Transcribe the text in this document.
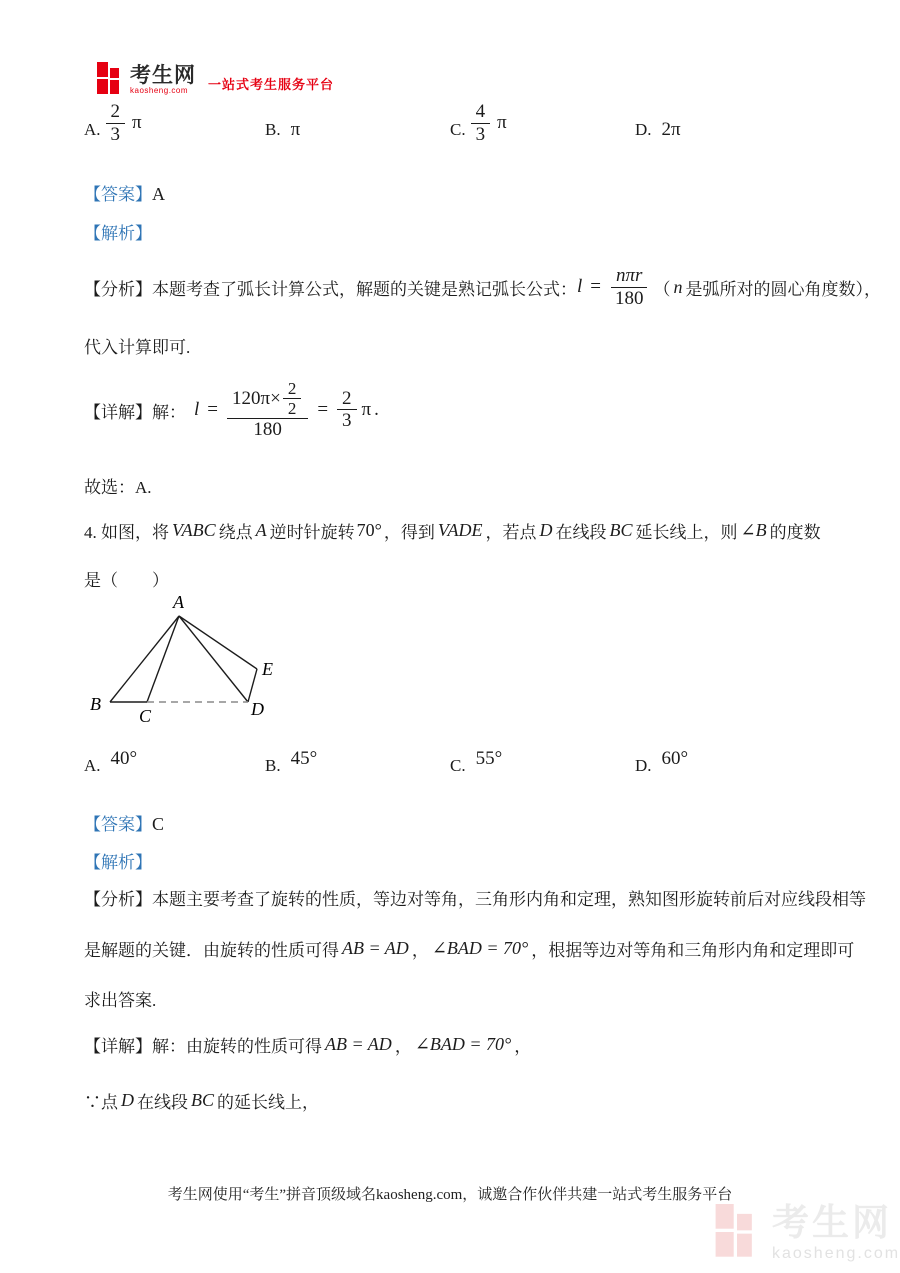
考生网
kaosheng.com	一站式考生服务平台
A. $\frac{2}{3}$ π	B. π	C. $\frac{4}{3}$ π	D. 2π
【答案】A
【解析】
【分析】 本题考查了弧长计算公式，解题的关键是熟记弧长公式： $l = \frac{\text{nπr}}{180}$ （ n 是弧所对的圆心角度数），
代入计算即可.
【详解】 解： $l = \frac{120\pi\times \frac{2}{2}}{180} = \frac{2}{3}$ π .
故选：A.
4. 如图，将 VABC 绕点 A 逆时针旋转 70° ，得到 VADE ，若点 D 在线段 BC 延长线上，则 ∠B 的度数
是（　　）
A
B
C	D
E
A. 40°	B. 45°	C. 55°	D. 60°
【答案】C
【解析】
【分析】本题主要考查了旋转的性质，等边对等角，三角形内角和定理，熟知图形旋转前后对应线段相等
是解题的关键．由旋转的性质可得 AB = AD ， ∠BAD = 70° ，根据等边对等角和三角形内角和定理即可
求出答案.
【详解】 解：由旋转的性质可得 AB = AD ， ∠BAD = 70° ，
∵点 D 在线段 BC 的延长线上，
考生网使用“考生”拼音顶级域名kaosheng.com，诚邀合作伙伴共建一站式考生服务平台
考生网
kaosheng.com
